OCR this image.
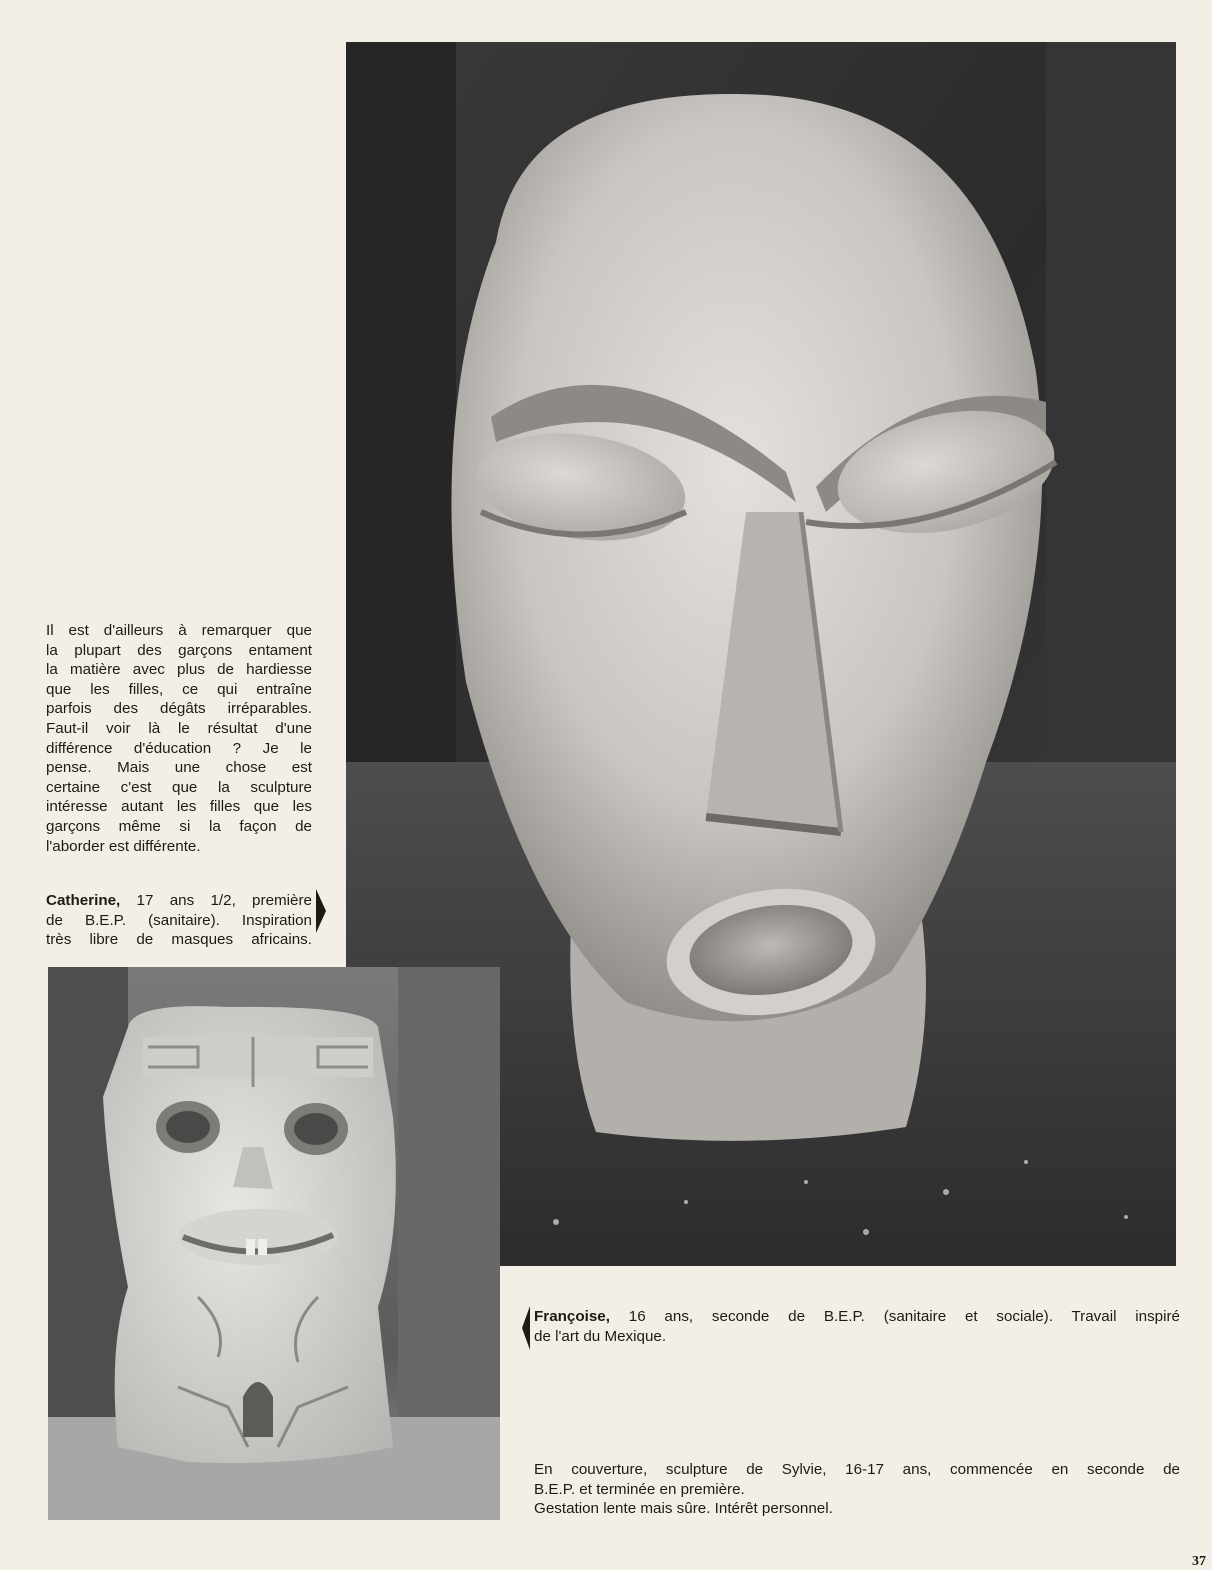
Il est d'ailleurs à remarquer que
la plupart des garçons entament
la matière avec plus de hardiesse
que les filles, ce qui entraîne
parfois des dégâts irréparables.
Faut-il voir là le résultat d'une
différence d'éducation ? Je le
pense. Mais une chose est
certaine c'est que la sculpture
intéresse autant les filles que les
garçons même si la façon de
l'aborder est différente.
Catherine, 17 ans 1/2, première
de B.E.P. (sanitaire). Inspiration
très libre de masques africains.
Françoise, 16 ans, seconde de B.E.P. (sanitaire et sociale). Travail inspiré
de l'art du Mexique.
En couverture, sculpture de Sylvie, 16-17 ans, commencée en seconde de
B.E.P. et terminée en première.
Gestation lente mais sûre. Intérêt personnel.
37
